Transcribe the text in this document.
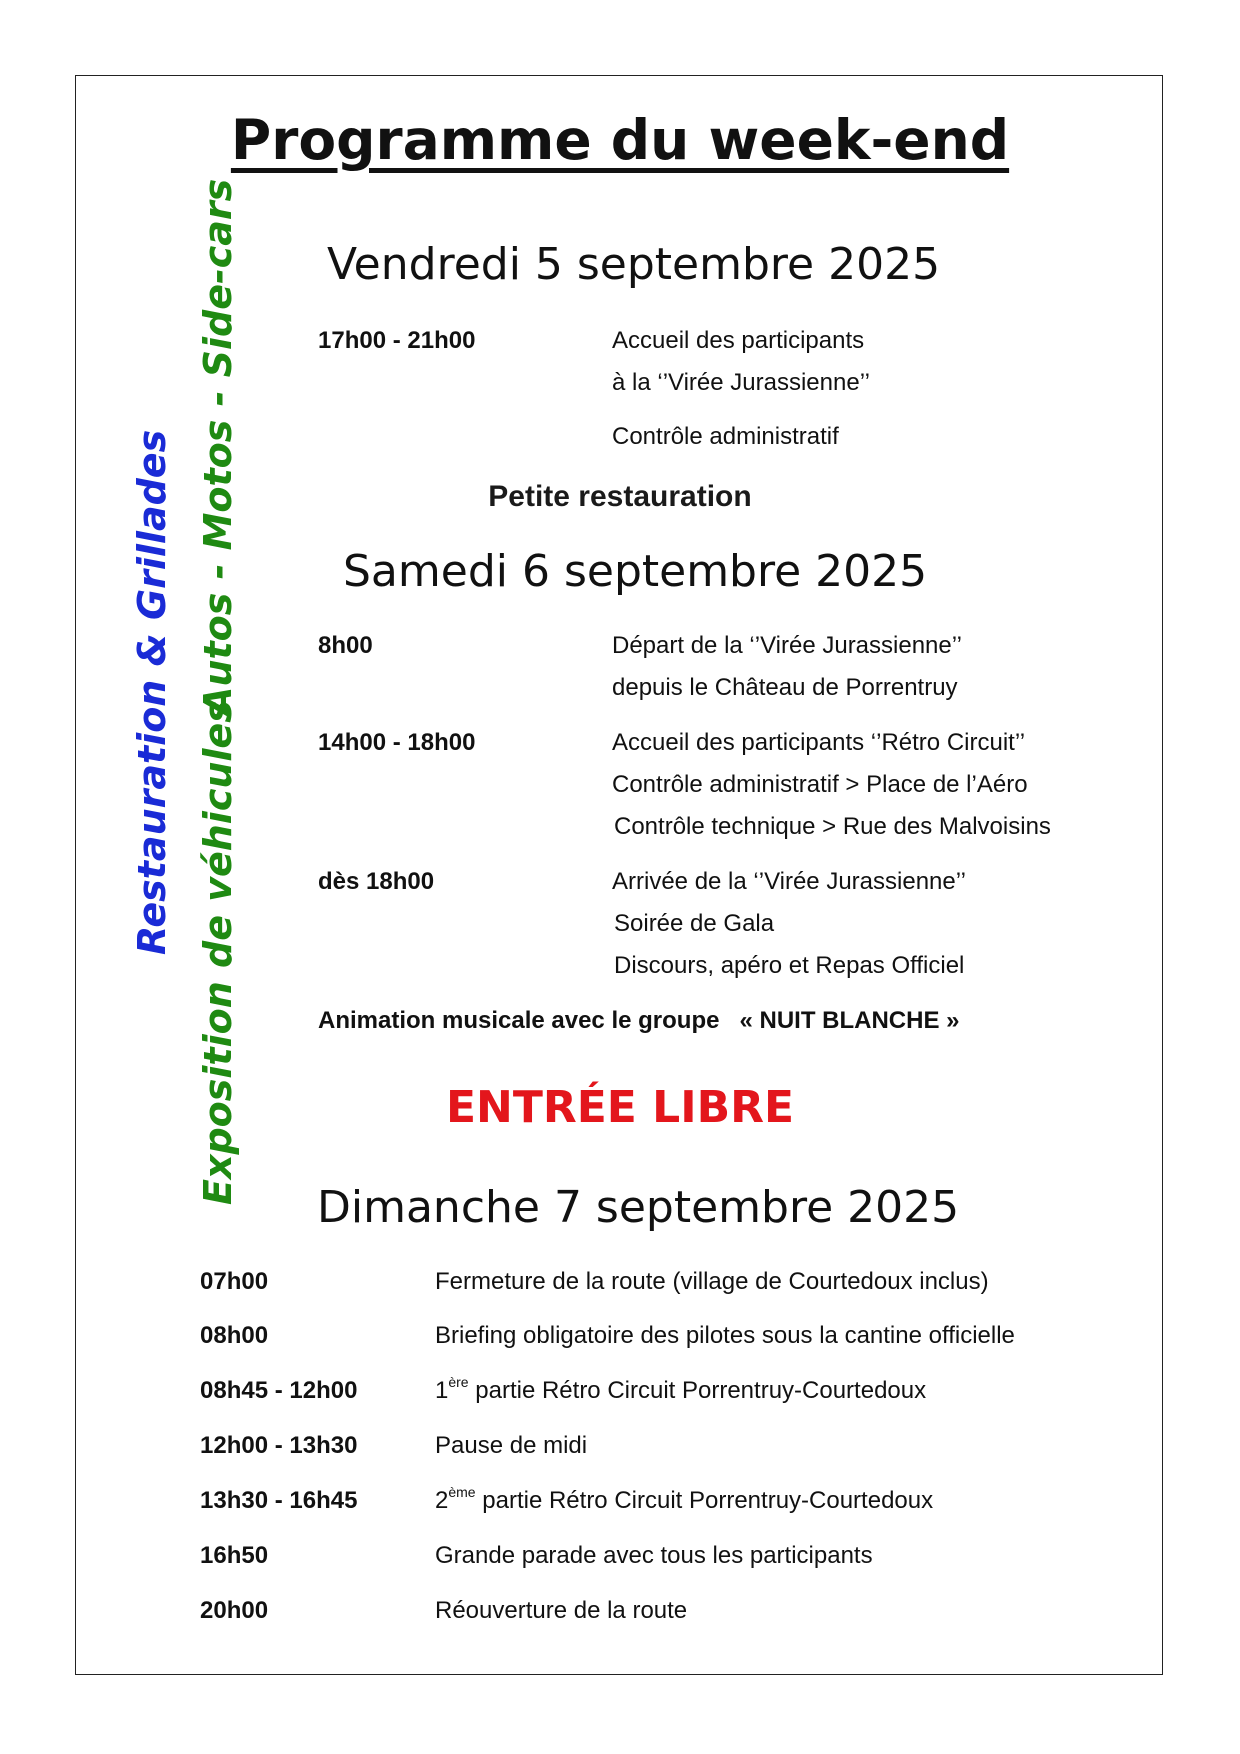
Programme du week-end
Restauration & Grillades Exposition de véhicules
Autos - Motos - Side-cars Vendredi 5 septembre 2025
17h00 - 21h00	Accueil des participants
à la ‘’Virée Jurassienne’’
Contrôle administratif
Petite restauration
Samedi 6 septembre 2025
8h00	Départ de la ‘’Virée Jurassienne’’
depuis le Château de Porrentruy
14h00 - 18h00	Accueil des participants ‘’Rétro Circuit’’
Contrôle administratif > Place de l’Aéro
Contrôle technique > Rue des Malvoisins
dès 18h00	Arrivée de la ‘’Virée Jurassienne’’
Soirée de Gala
Discours, apéro et Repas Officiel
Animation musicale avec le groupe   « NUIT BLANCHE »
ENTRÉE LIBRE
Dimanche 7 septembre 2025
07h00	Fermeture de la route (village de Courtedoux inclus)
08h00	Briefing obligatoire des pilotes sous la cantine officielle
08h45 - 12h00	1ère partie Rétro Circuit Porrentruy-Courtedoux
12h00 - 13h30	Pause de midi
13h30 - 16h45	2ème partie Rétro Circuit Porrentruy-Courtedoux
16h50	Grande parade avec tous les participants
20h00	Réouverture de la route
